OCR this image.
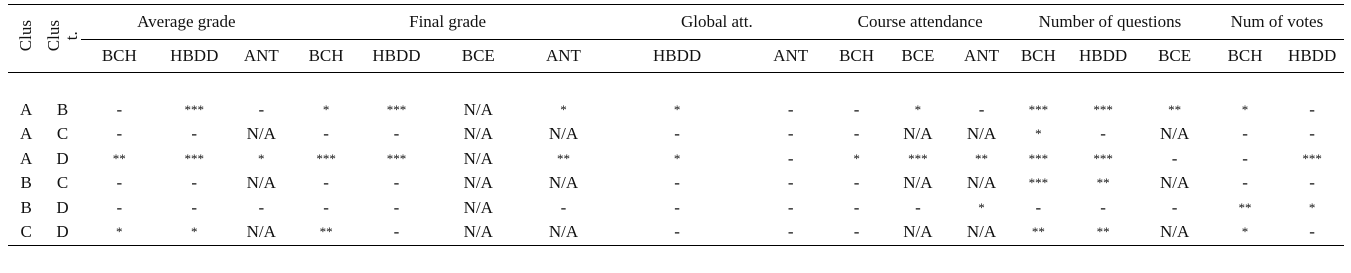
Clus	Clus
t.	Average grade			Final grade				Global att.		Course attendance			Number of questions			Num of votes	
		BCH	HBDD	ANT	BCH	HBDD	BCE	ANT	HBDD	ANT	BCH	BCE	ANT	BCH	HBDD	BCE	BCH	HBDD

A	B	-	***	-	*	***	N/A	*	*	-	-	*	-	***	***	**	*	-
A	C	-	-	N/A	-	-	N/A	N/A	-	-	-	N/A	N/A	*	-	N/A	-	-
A	D	**	***	*	***	***	N/A	**	*	-	*	***	**	***	***	-	-	***
B	C	-	-	N/A	-	-	N/A	N/A	-	-	-	N/A	N/A	***	**	N/A	-	-
B	D	-	-	-	-	-	N/A	-	-	-	-	-	*	-	-	-	**	*
C	D	*	*	N/A	**	-	N/A	N/A	-	-	-	N/A	N/A	**	**	N/A	*	-
